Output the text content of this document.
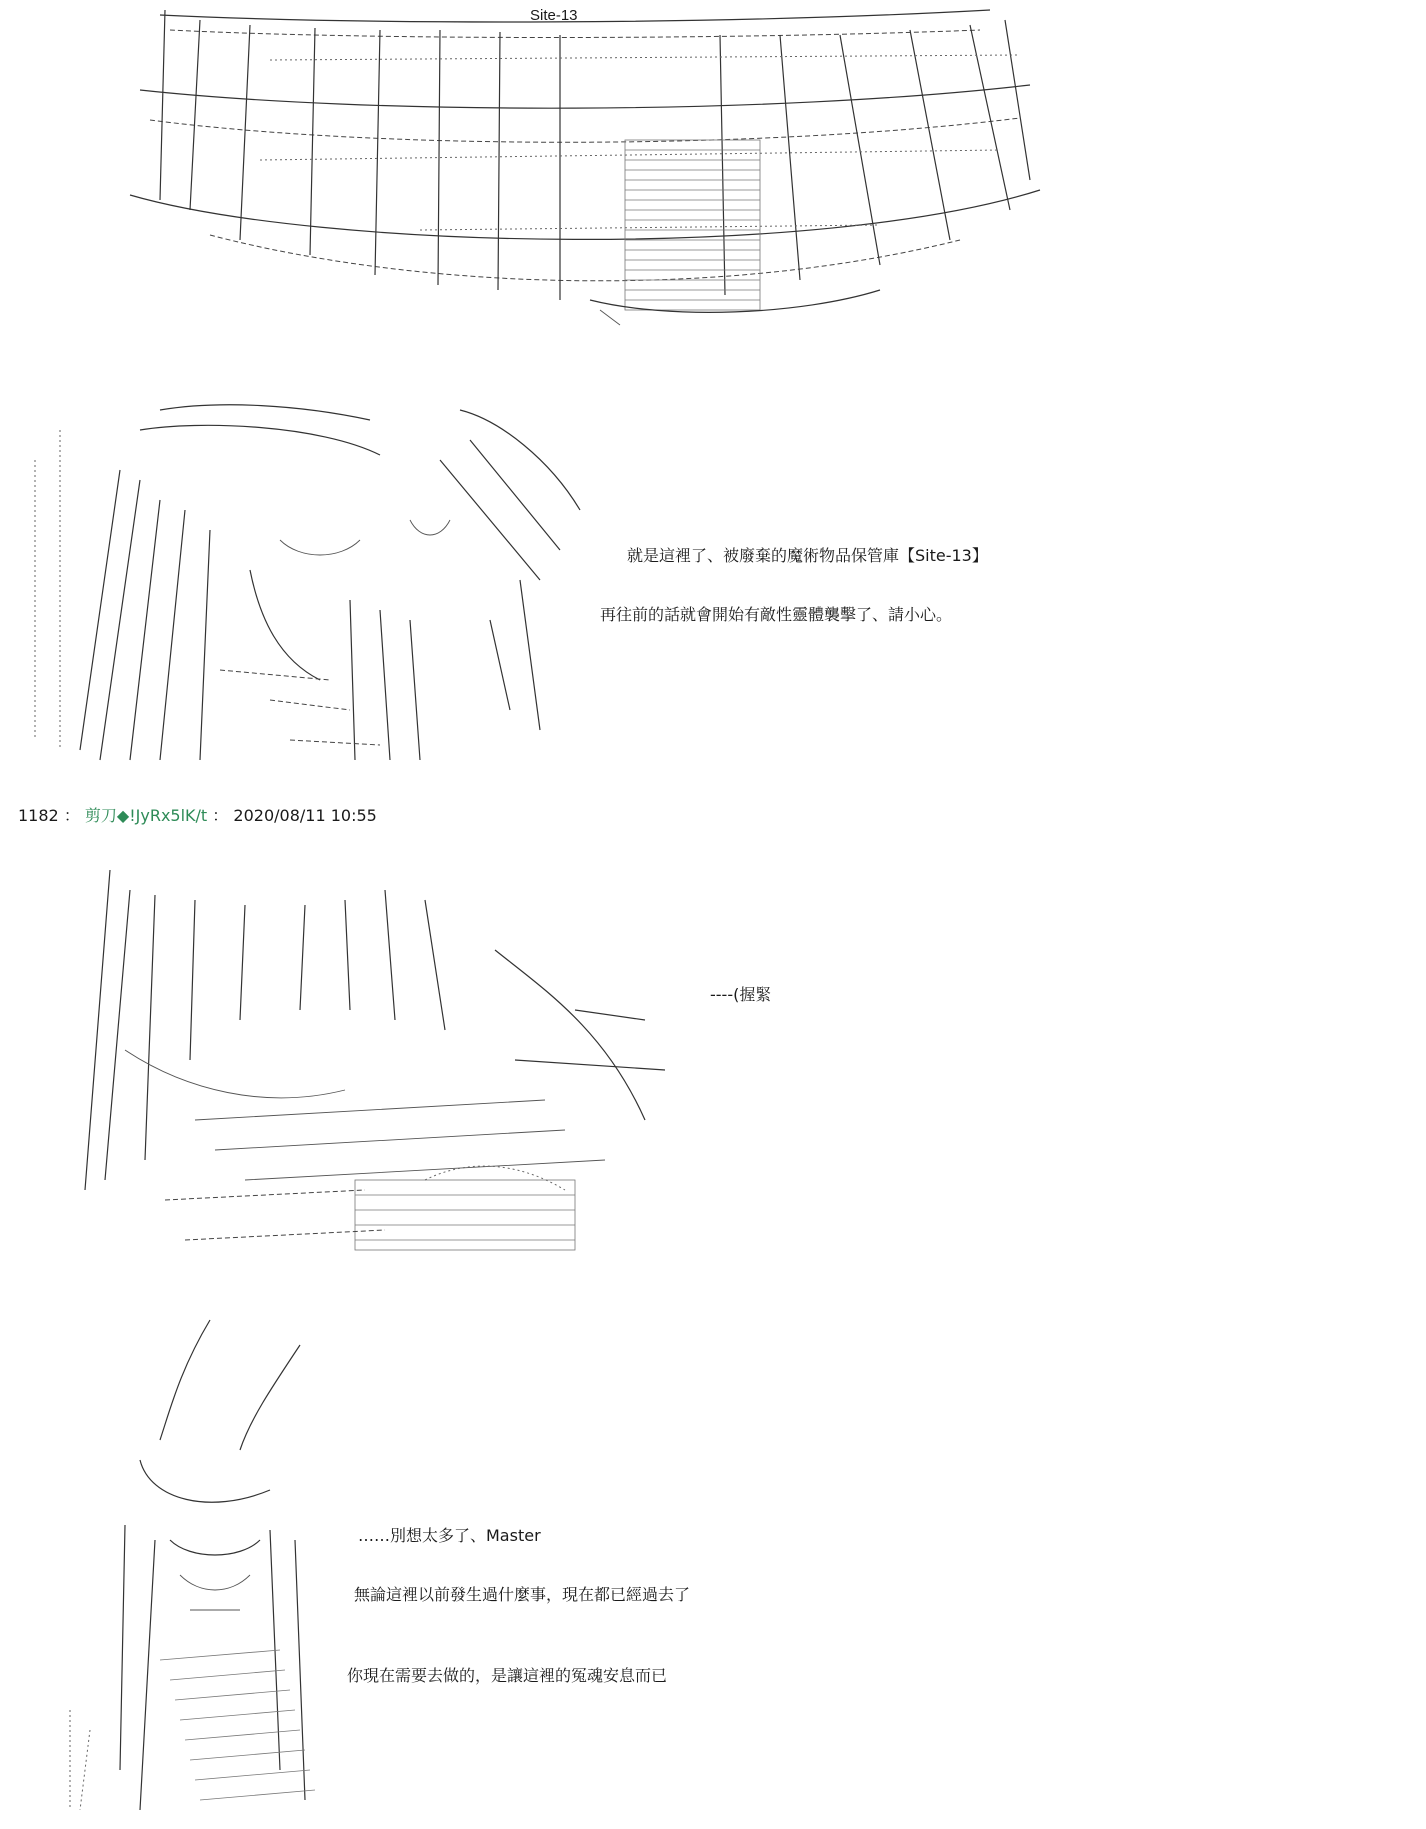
Site-13
就是這裡了、被廢棄的魔術物品保管庫【Site-13】
再往前的話就會開始有敵性靈體襲擊了、請小心。
1182 ： 剪刀◆!JyRx5lK/t ： 2020/08/11 10:55
----(握緊
……別想太多了、Master
無論這裡以前發生過什麼事，現在都已經過去了
你現在需要去做的，是讓這裡的冤魂安息而已
